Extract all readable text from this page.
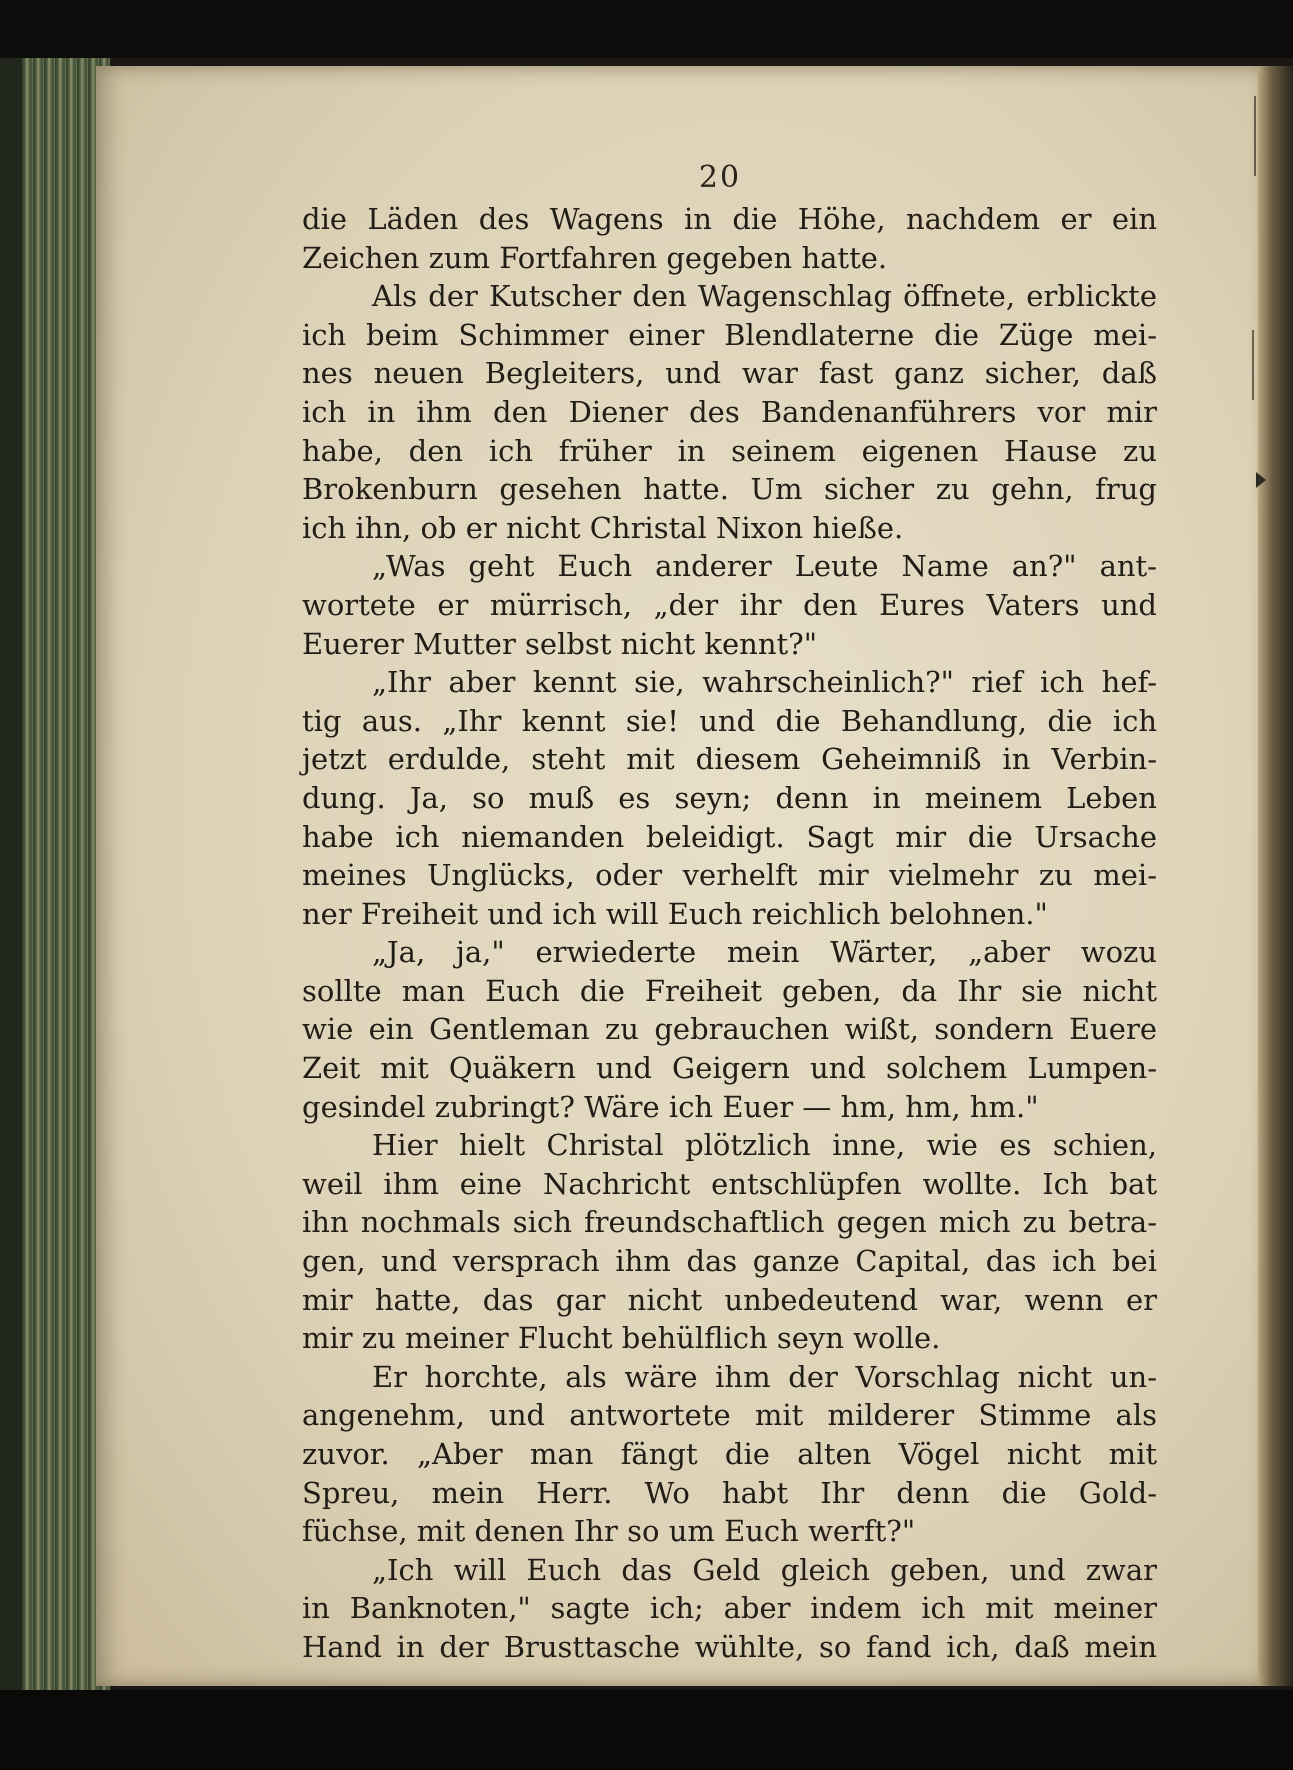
20
die Läden des Wagens in die Höhe, nachdem er ein
Zeichen zum Fortfahren gegeben hatte.
Als der Kutscher den Wagenschlag öffnete, erblickte
ich beim Schimmer einer Blendlaterne die Züge mei-
nes neuen Begleiters, und war fast ganz sicher, daß
ich in ihm den Diener des Bandenanführers vor mir
habe, den ich früher in seinem eigenen Hause zu
Brokenburn gesehen hatte. Um sicher zu gehn, frug
ich ihn, ob er nicht Christal Nixon hieße.
„Was geht Euch anderer Leute Name an?" ant-
wortete er mürrisch, „der ihr den Eures Vaters und
Euerer Mutter selbst nicht kennt?"
„Ihr aber kennt sie, wahrscheinlich?" rief ich hef-
tig aus. „Ihr kennt sie! und die Behandlung, die ich
jetzt erdulde, steht mit diesem Geheimniß in Verbin-
dung. Ja, so muß es seyn; denn in meinem Leben
habe ich niemanden beleidigt. Sagt mir die Ursache
meines Unglücks, oder verhelft mir vielmehr zu mei-
ner Freiheit und ich will Euch reichlich belohnen."
„Ja, ja," erwiederte mein Wärter, „aber wozu
sollte man Euch die Freiheit geben, da Ihr sie nicht
wie ein Gentleman zu gebrauchen wißt, sondern Euere
Zeit mit Quäkern und Geigern und solchem Lumpen-
gesindel zubringt? Wäre ich Euer — hm, hm, hm."
Hier hielt Christal plötzlich inne, wie es schien,
weil ihm eine Nachricht entschlüpfen wollte. Ich bat
ihn nochmals sich freundschaftlich gegen mich zu betra-
gen, und versprach ihm das ganze Capital, das ich bei
mir hatte, das gar nicht unbedeutend war, wenn er
mir zu meiner Flucht behülflich seyn wolle.
Er horchte, als wäre ihm der Vorschlag nicht un-
angenehm, und antwortete mit milderer Stimme als
zuvor. „Aber man fängt die alten Vögel nicht mit
Spreu, mein Herr. Wo habt Ihr denn die Gold-
füchse, mit denen Ihr so um Euch werft?"
„Ich will Euch das Geld gleich geben, und zwar
in Banknoten," sagte ich; aber indem ich mit meiner
Hand in der Brusttasche wühlte, so fand ich, daß mein
